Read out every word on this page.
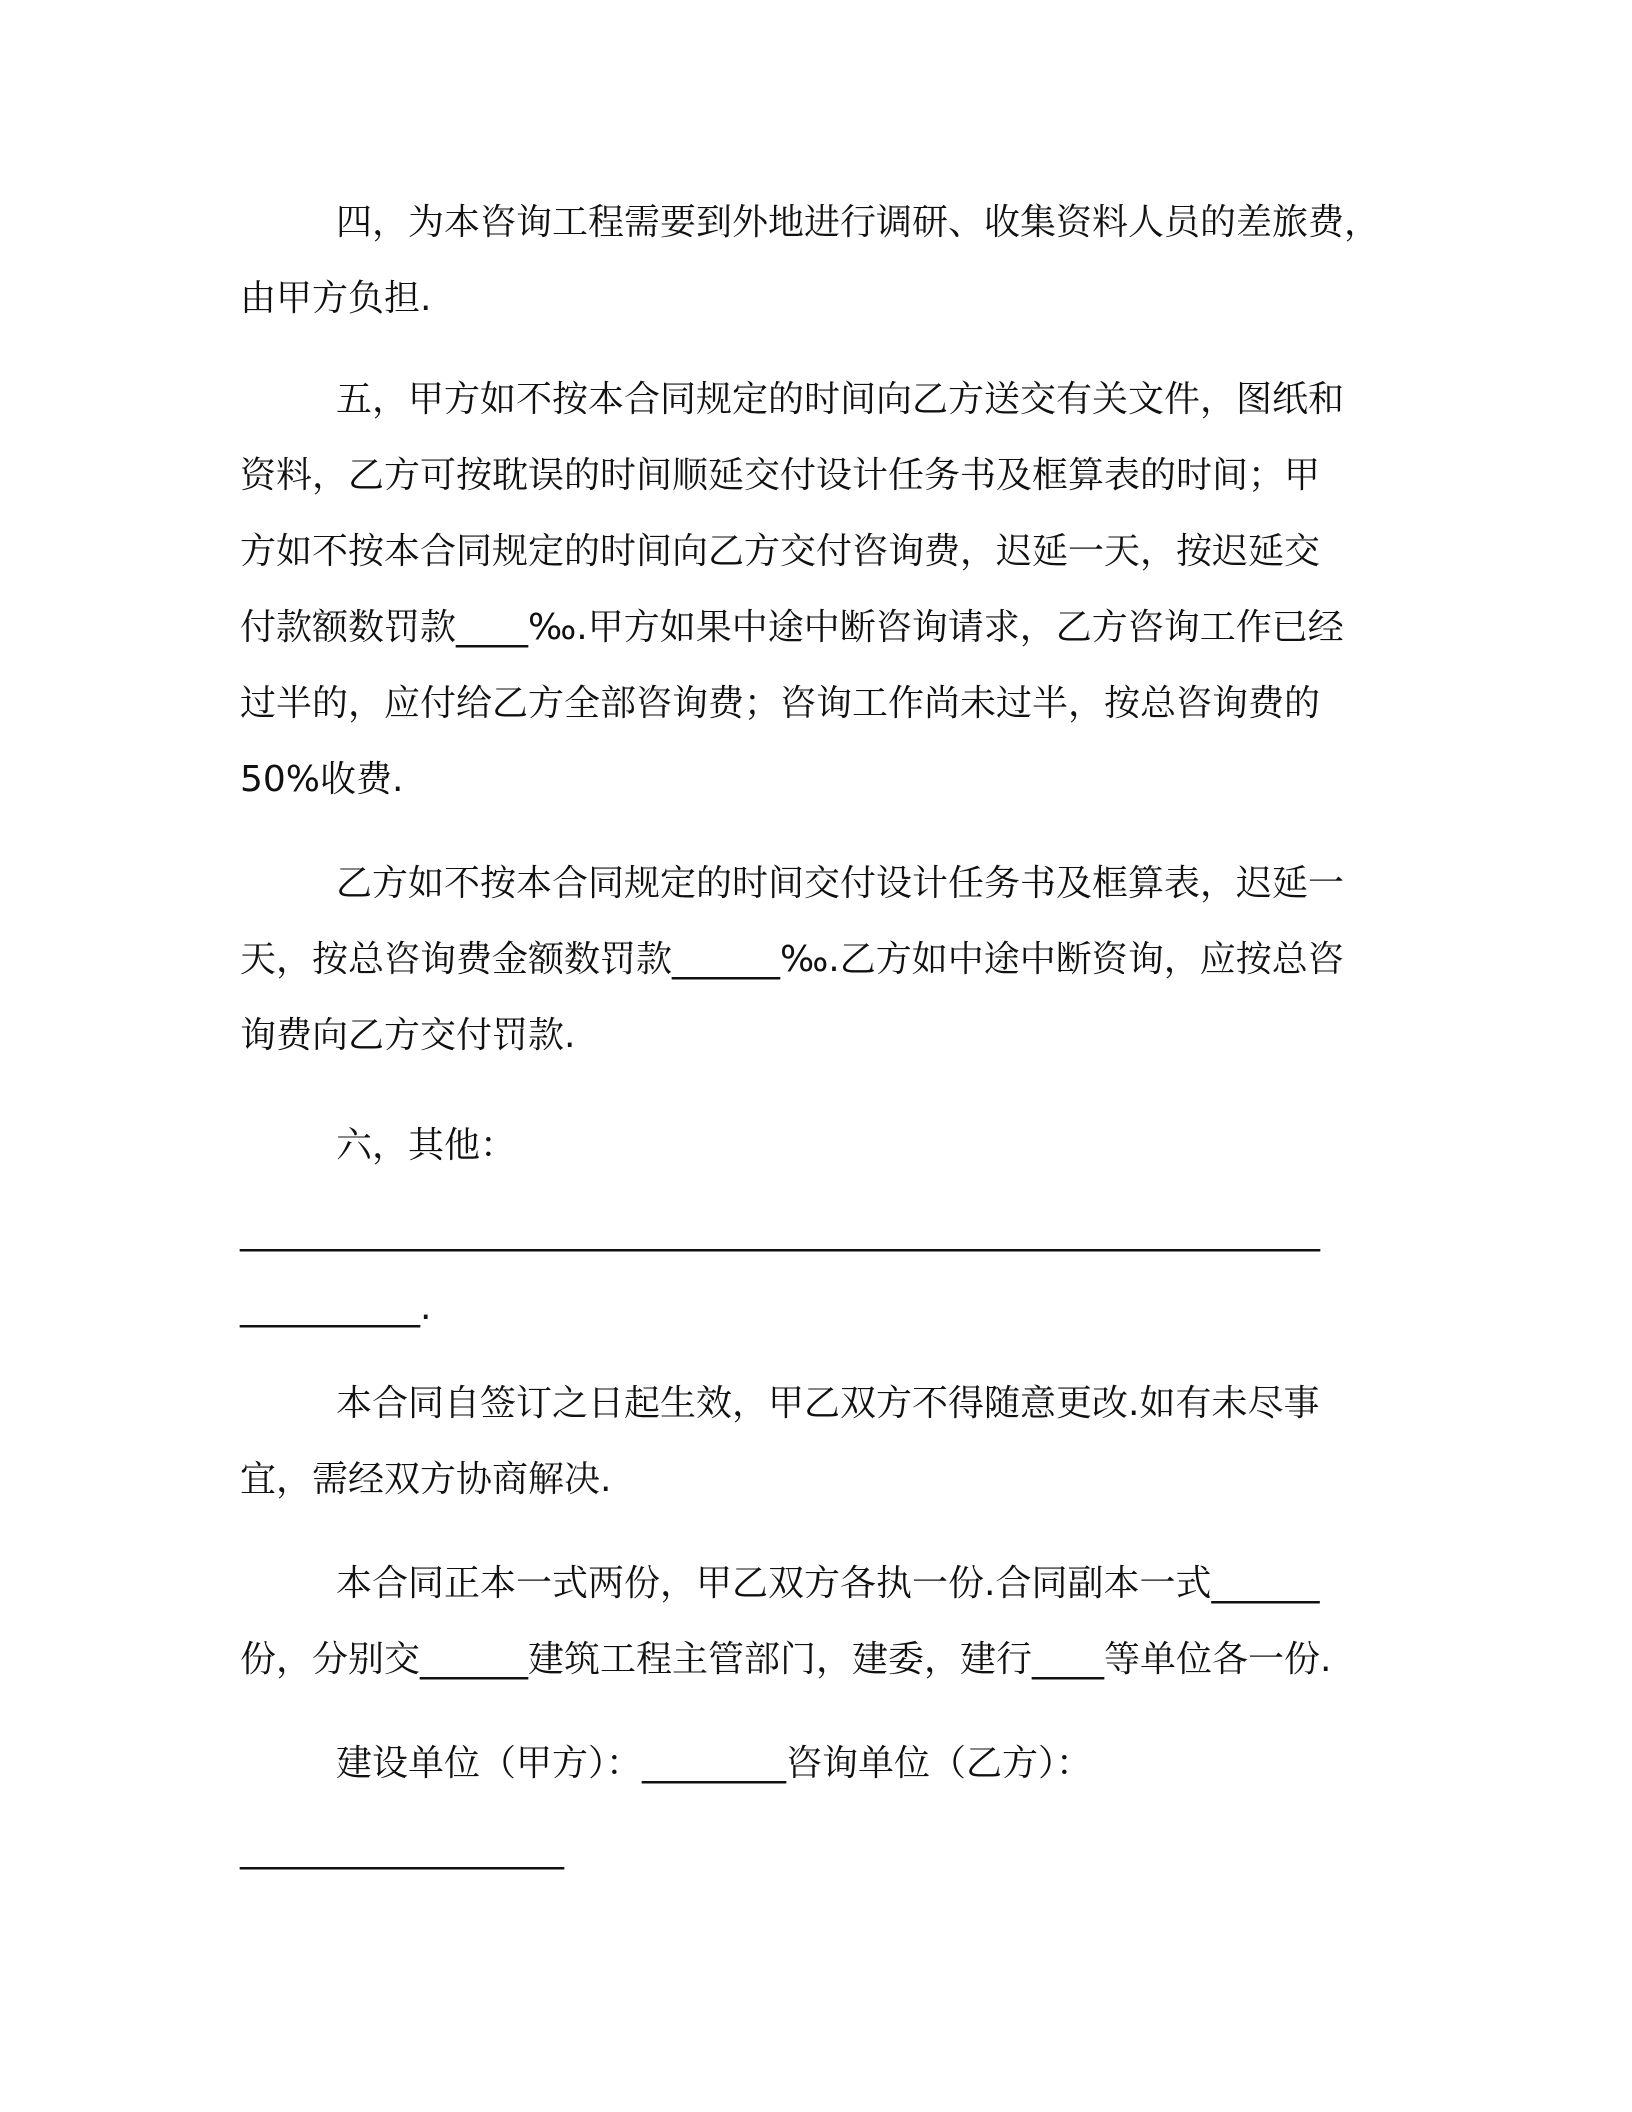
四，为本咨询工程需要到外地进行调研、收集资料人员的差旅费，
由甲方负担.
五，甲方如不按本合同规定的时间向乙方送交有关文件，图纸和
资料，乙方可按耽误的时间顺延交付设计任务书及框算表的时间；甲
方如不按本合同规定的时间向乙方交付咨询费，迟延一天，按迟延交
付款额数罚款____‰.甲方如果中途中断咨询请求，乙方咨询工作已经
过半的，应付给乙方全部咨询费；咨询工作尚未过半，按总咨询费的
50%收费.
乙方如不按本合同规定的时间交付设计任务书及框算表，迟延一
天，按总咨询费金额数罚款______‰.乙方如中途中断资询，应按总咨
询费向乙方交付罚款.
六，其他：
____________________________________________________________
__________.
本合同自签订之日起生效，甲乙双方不得随意更改.如有未尽事
宜，需经双方协商解决.
本合同正本一式两份，甲乙双方各执一份.合同副本一式______
份，分别交______建筑工程主管部门，建委，建行____等单位各一份.
建设单位（甲方）：________咨询单位（乙方）：
__________________
